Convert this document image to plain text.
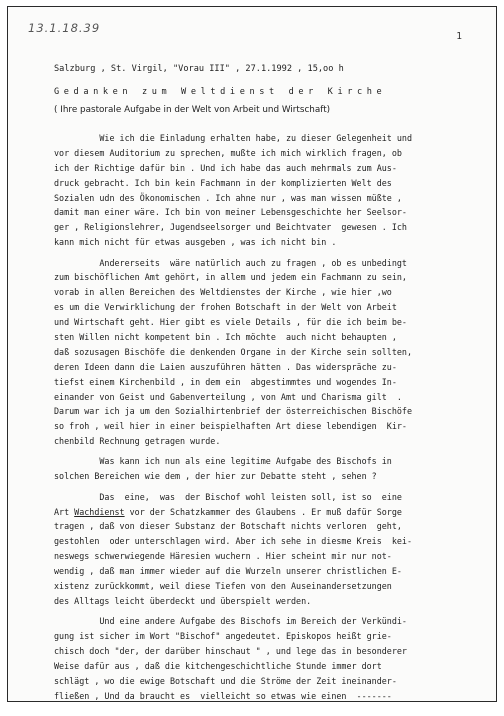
13.1.18.39
1
Salzburg , St. Virgil, "Vorau III" , 27.1.1992 , 15,oo h
Gedanken zum Weltdienst der Kirche
( Ihre pastorale Aufgabe in der Welt von Arbeit und Wirtschaft)
Wie ich die Einladung erhalten habe, zu dieser Gelegenheit und
vor diesem Auditorium zu sprechen, mußte ich mich wirklich fragen, ob
ich der Richtige dafür bin . Und ich habe das auch mehrmals zum Aus-
druck gebracht. Ich bin kein Fachmann in der komplizierten Welt des
Sozialen udn des Ökonomischen . Ich ahne nur , was man wissen müßte ,
damit man einer wäre. Ich bin von meiner Lebensgeschichte her Seelsor-
ger , Religionslehrer, Jugendseelsorger und Beichtvater  gewesen . Ich
kann mich nicht für etwas ausgeben , was ich nicht bin .
Andererseits  wäre natürlich auch zu fragen , ob es unbedingt
zum bischöflichen Amt gehört, in allem und jedem ein Fachmann zu sein,
vorab in allen Bereichen des Weltdienstes der Kirche , wie hier ,wo
es um die Verwirklichung der frohen Botschaft in der Welt von Arbeit
und Wirtschaft geht. Hier gibt es viele Details , für die ich beim be-
sten Willen nicht kompetent bin . Ich möchte  auch nicht behaupten ,
daß sozusagen Bischöfe die denkenden Organe in der Kirche sein sollten,
deren Ideen dann die Laien auszuführen hätten . Das widerspräche zu-
tiefst einem Kirchenbild , in dem ein  abgestimmtes und wogendes In-
einander von Geist und Gabenverteilung , von Amt und Charisma gilt  .
Darum war ich ja um den Sozialhirtenbrief der österreichischen Bischöfe
so froh , weil hier in einer beispielhaften Art diese lebendigen  Kir-
chenbild Rechnung getragen wurde.
Was kann ich nun als eine legitime Aufgabe des Bischofs in
solchen Bereichen wie dem , der hier zur Debatte steht , sehen ?
Das  eine,  was  der Bischof wohl leisten soll, ist so  eine
Art Wachdienst vor der Schatzkammer des Glaubens . Er muß dafür Sorge
tragen , daß von dieser Substanz der Botschaft nichts verloren  geht,
gestohlen  oder unterschlagen wird. Aber ich sehe in diesme Kreis  kei-
neswegs schwerwiegende Häresien wuchern . Hier scheint mir nur not-
wendig , daß man immer wieder auf die Wurzeln unserer christlichen E-
xistenz zurückkommt, weil diese Tiefen von den Auseinandersetzungen
des Alltags leicht überdeckt und überspielt werden.
Und eine andere Aufgabe des Bischofs im Bereich der Verkündi-
gung ist sicher im Wort "Bischof" angedeutet. Episkopos heißt grie-
chisch doch "der, der darüber hinschaut " , und lege das in besonderer
Weise dafür aus , daß die kitchengeschichtliche Stunde immer dort
schlägt , wo die ewige Botschaft und die Ströme der Zeit ineinander-
fließen , Und da braucht es  vielleicht so etwas wie einen  -------
